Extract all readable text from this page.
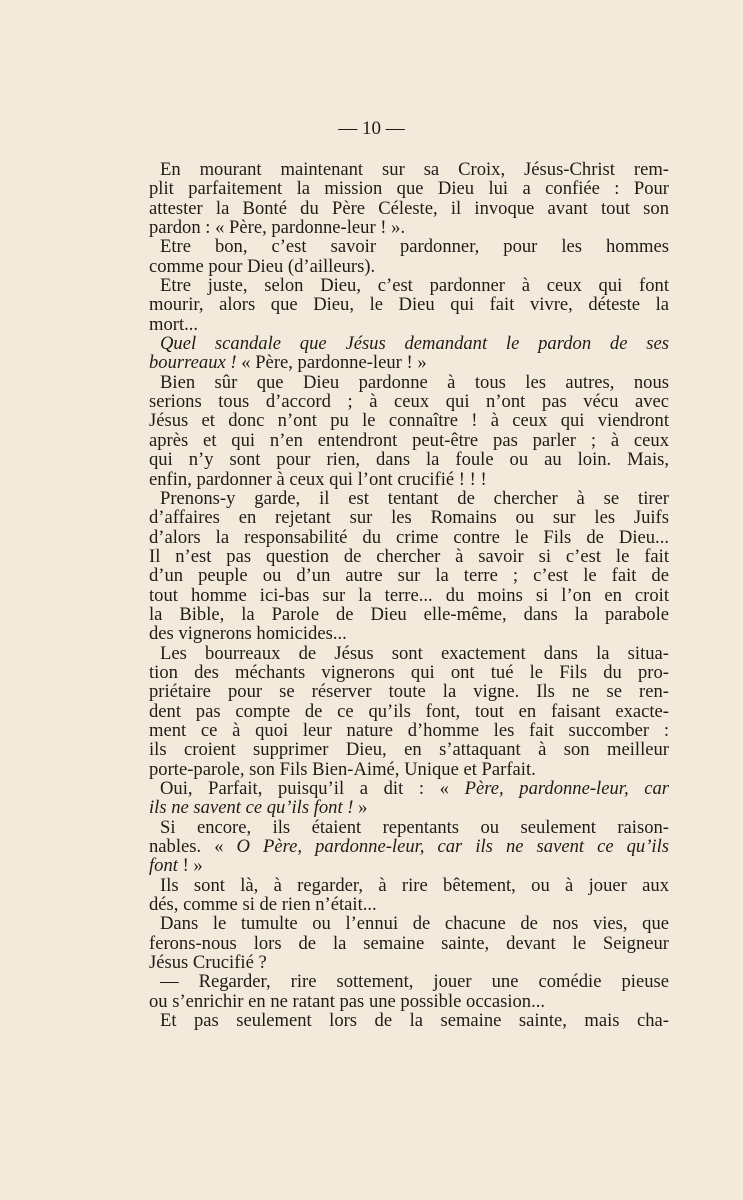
— 10 —
En mourant maintenant sur sa Croix, Jésus-Christ rem-
plit parfaitement la mission que Dieu lui a confiée : Pour
attester la Bonté du Père Céleste, il invoque avant tout son
pardon : « Père, pardonne-leur ! ».
Etre bon, c’est savoir pardonner, pour les hommes
comme pour Dieu (d’ailleurs).
Etre juste, selon Dieu, c’est pardonner à ceux qui font
mourir, alors que Dieu, le Dieu qui fait vivre, déteste la
mort...
Quel scandale que Jésus demandant le pardon de ses
bourreaux ! « Père, pardonne-leur ! »
Bien sûr que Dieu pardonne à tous les autres, nous
serions tous d’accord ; à ceux qui n’ont pas vécu avec
Jésus et donc n’ont pu le connaître ! à ceux qui viendront
après et qui n’en entendront peut-être pas parler ; à ceux
qui n’y sont pour rien, dans la foule ou au loin. Mais,
enfin, pardonner à ceux qui l’ont crucifié ! ! !
Prenons-y garde, il est tentant de chercher à se tirer
d’affaires en rejetant sur les Romains ou sur les Juifs
d’alors la responsabilité du crime contre le Fils de Dieu...
Il n’est pas question de chercher à savoir si c’est le fait
d’un peuple ou d’un autre sur la terre ; c’est le fait de
tout homme ici-bas sur la terre... du moins si l’on en croit
la Bible, la Parole de Dieu elle-même, dans la parabole
des vignerons homicides...
Les bourreaux de Jésus sont exactement dans la situa-
tion des méchants vignerons qui ont tué le Fils du pro-
priétaire pour se réserver toute la vigne. Ils ne se ren-
dent pas compte de ce qu’ils font, tout en faisant exacte-
ment ce à quoi leur nature d’homme les fait succomber :
ils croient supprimer Dieu, en s’attaquant à son meilleur
porte-parole, son Fils Bien-Aimé, Unique et Parfait.
Oui, Parfait, puisqu’il a dit : « Père, pardonne-leur, car
ils ne savent ce qu’ils font ! »
Si encore, ils étaient repentants ou seulement raison-
nables. « O Père, pardonne-leur, car ils ne savent ce qu’ils
font ! »
Ils sont là, à regarder, à rire bêtement, ou à jouer aux
dés, comme si de rien n’était...
Dans le tumulte ou l’ennui de chacune de nos vies, que
ferons-nous lors de la semaine sainte, devant le Seigneur
Jésus Crucifié ?
— Regarder, rire sottement, jouer une comédie pieuse
ou s’enrichir en ne ratant pas une possible occasion...
Et pas seulement lors de la semaine sainte, mais cha-
